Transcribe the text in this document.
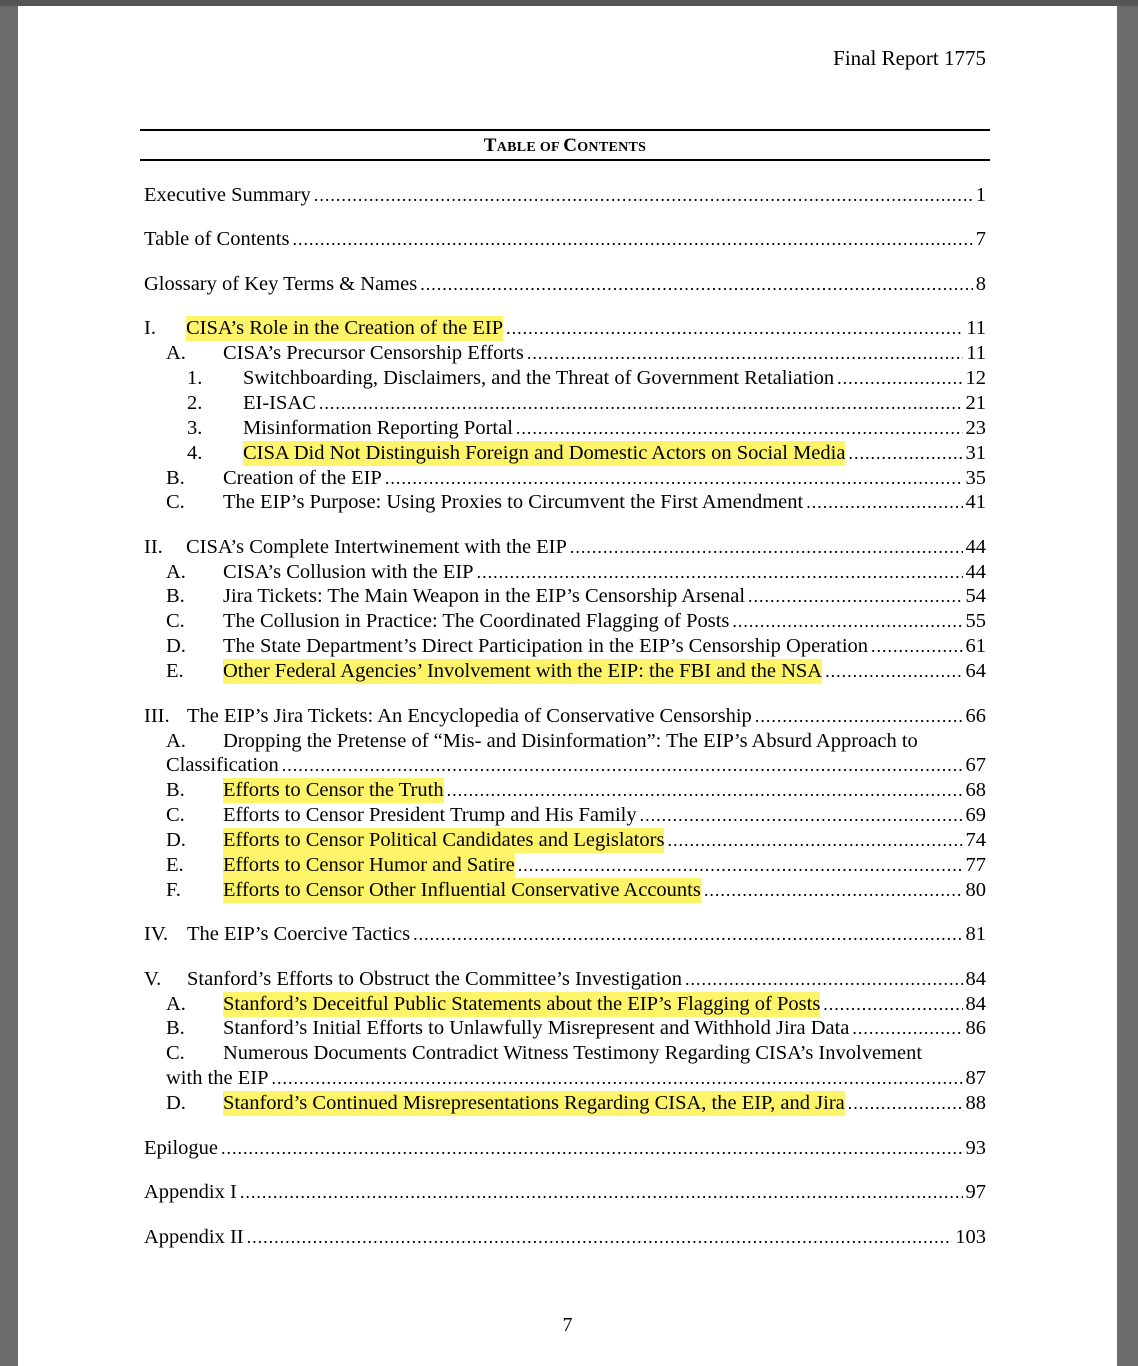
Final Report 1775
TABLE OF CONTENTS
Executive Summary .....	1
Table of Contents .....	7
Glossary of Key Terms & Names .....	8
I.	CISA’s Role in the Creation of the EIP .....	11
A.	CISA’s Precursor Censorship Efforts .....	11
1.	Switchboarding, Disclaimers, and the Threat of Government Retaliation .....	12
2.	EI-ISAC .....	21
3.	Misinformation Reporting Portal .....	23
4.	CISA Did Not Distinguish Foreign and Domestic Actors on Social Media .....	31
B.	Creation of the EIP .....	35
C.	The EIP’s Purpose: Using Proxies to Circumvent the First Amendment .....	41
II.	CISA’s Complete Intertwinement with the EIP .....	44
A.	CISA’s Collusion with the EIP .....	44
B.	Jira Tickets: The Main Weapon in the EIP’s Censorship Arsenal .....	54
C.	The Collusion in Practice: The Coordinated Flagging of Posts .....	55
D.	The State Department’s Direct Participation in the EIP’s Censorship Operation .....	61
E.	Other Federal Agencies’ Involvement with the EIP: the FBI and the NSA .....	64
III. The EIP’s Jira Tickets: An Encyclopedia of Conservative Censorship .....	66
A.	Dropping the Pretense of “Mis- and Disinformation”: The EIP’s Absurd Approach to
Classification .....	67
B.	Efforts to Censor the Truth .....	68
C.	Efforts to Censor President Trump and His Family .....	69
D.	Efforts to Censor Political Candidates and Legislators .....	74
E.	Efforts to Censor Humor and Satire .....	77
F.	Efforts to Censor Other Influential Conservative Accounts .....	80
IV. The EIP’s Coercive Tactics .....	81
V.	Stanford’s Efforts to Obstruct the Committee’s Investigation .....	84
A.	Stanford’s Deceitful Public Statements about the EIP’s Flagging of Posts .....	84
B.	Stanford’s Initial Efforts to Unlawfully Misrepresent and Withhold Jira Data .....	86
C.	Numerous Documents Contradict Witness Testimony Regarding CISA’s Involvement
with the EIP .....	87
D.	Stanford’s Continued Misrepresentations Regarding CISA, the EIP, and Jira .....	88
Epilogue .....	93
Appendix I .....	97
Appendix II .....	103
7
